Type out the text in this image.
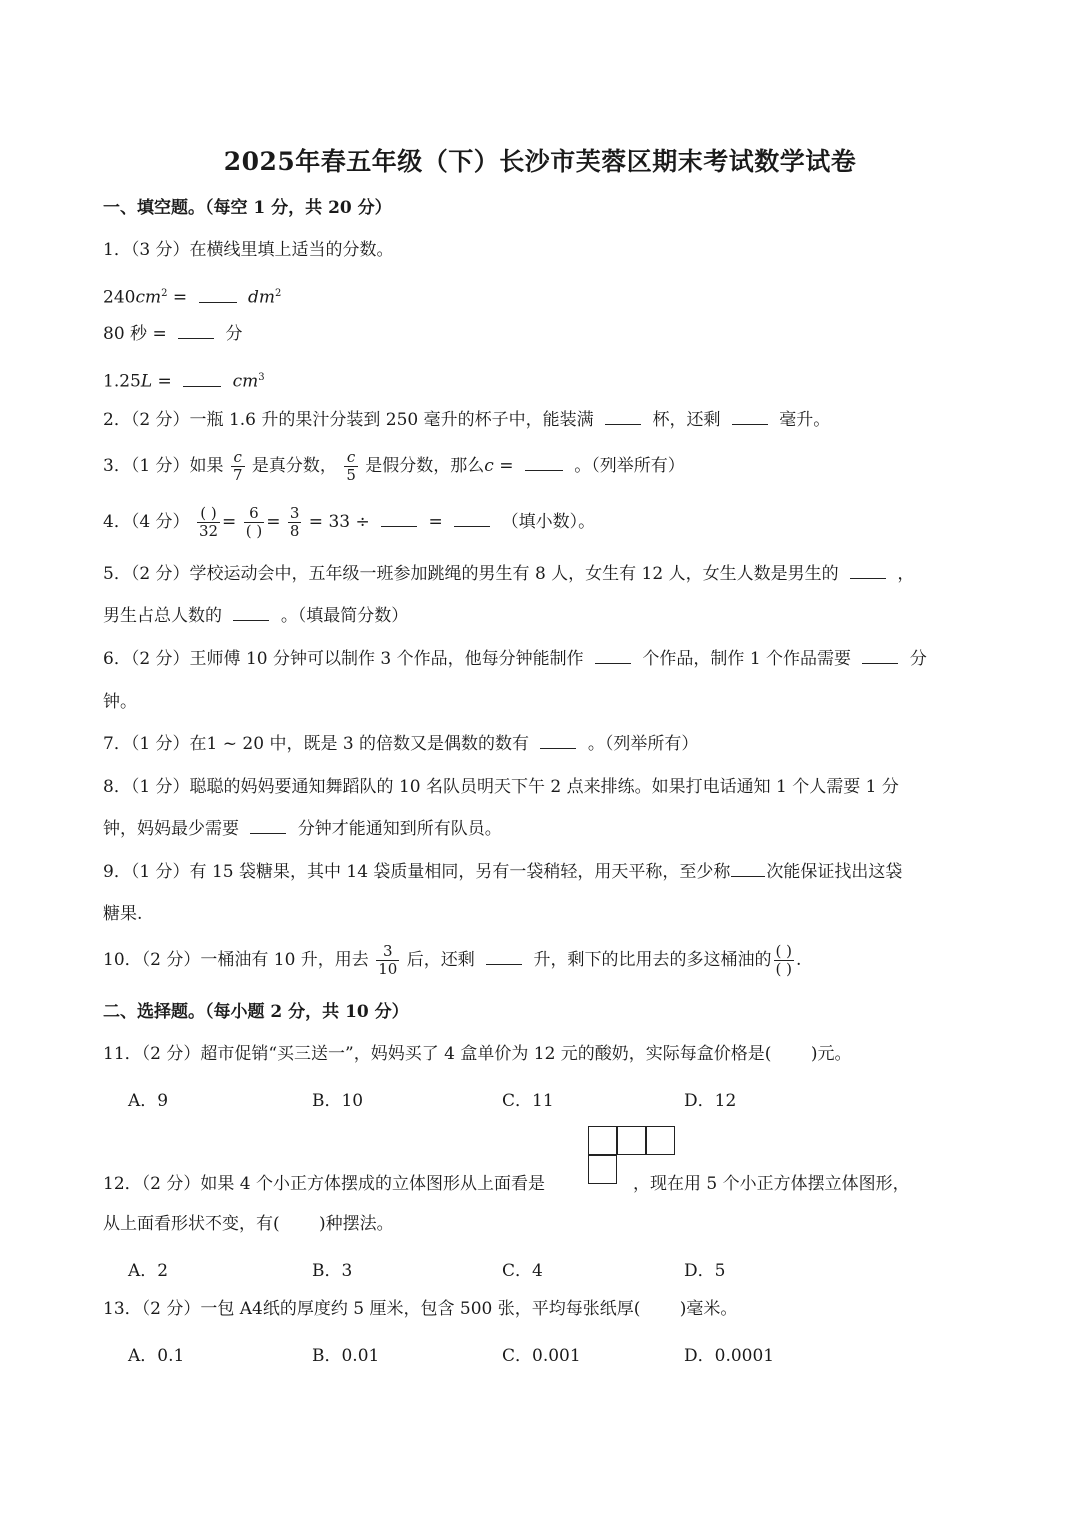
2025年春五年级（下）长沙市芙蓉区期末考试数学试卷
一、填空题。（每空 1 分，共 20 分）
1．（3 分）在横线里填上适当的分数。
$240cm^2$ =	$dm^2$
80 秒 =	分
1.25L =	$cm^3$
2．（2 分）一瓶 1.6 升的果汁分装到 250 毫升的杯子中，能装满	杯，还剩	毫升。
3．（1 分）如果 $\frac{c}{7}$ 是真分数， $\frac{c}{5}$ 是假分数，那么c =	。（列举所有）
4．（4 分） $\frac{( )}{32} = \frac{6}{( )} = \frac{3}{8} = 33$ ÷	=	（填小数）。
5．（2 分）学校运动会中，五年级一班参加跳绳的男生有 8 人，女生有 12 人，女生人数是男生的	，
男生占总人数的	。（填最简分数）
6．（2 分）王师傅 10 分钟可以制作 3 个作品，他每分钟能制作	个作品，制作 1 个作品需要	分
钟。
7．（1 分）在1 ~ 20 中，既是 3 的倍数又是偶数的数有	。（列举所有）
8．（1 分）聪聪的妈妈要通知舞蹈队的 10 名队员明天下午 2 点来排练。如果打电话通知 1 个人需要 1 分
钟，妈妈最少需要	分钟才能通知到所有队员。
9．（1 分）有 15 袋糖果，其中 14 袋质量相同，另有一袋稍轻，用天平称，至少称 次能保证找出这袋
糖果.
10．（2 分）一桶油有 10 升，用去 $\frac{3}{10}$ 后，还剩	升，剩下的比用去的多这桶油的 $\frac{( )}{( )}$ .
二、选择题。（每小题 2 分，共 10 分）
11．（2 分）超市促销“买三送一”，妈妈买了 4 盒单价为 12 元的酸奶，实际每盒价格是(　　 )元。
A．9	B．10	C．11	D．12
12．（2 分）如果 4 个小正方体摆成的立体图形从上面看是	，现在用 5 个小正方体摆立体图形，
从上面看形状不变，有(　　 )种摆法。
A．2	B．3	C．4	D．5
13．（2 分）一包 A4纸的厚度约 5 厘米，包含 500 张，平均每张纸厚(　　 )毫米。
A．0.1	B．0.01	C．0.001	D．0.0001
